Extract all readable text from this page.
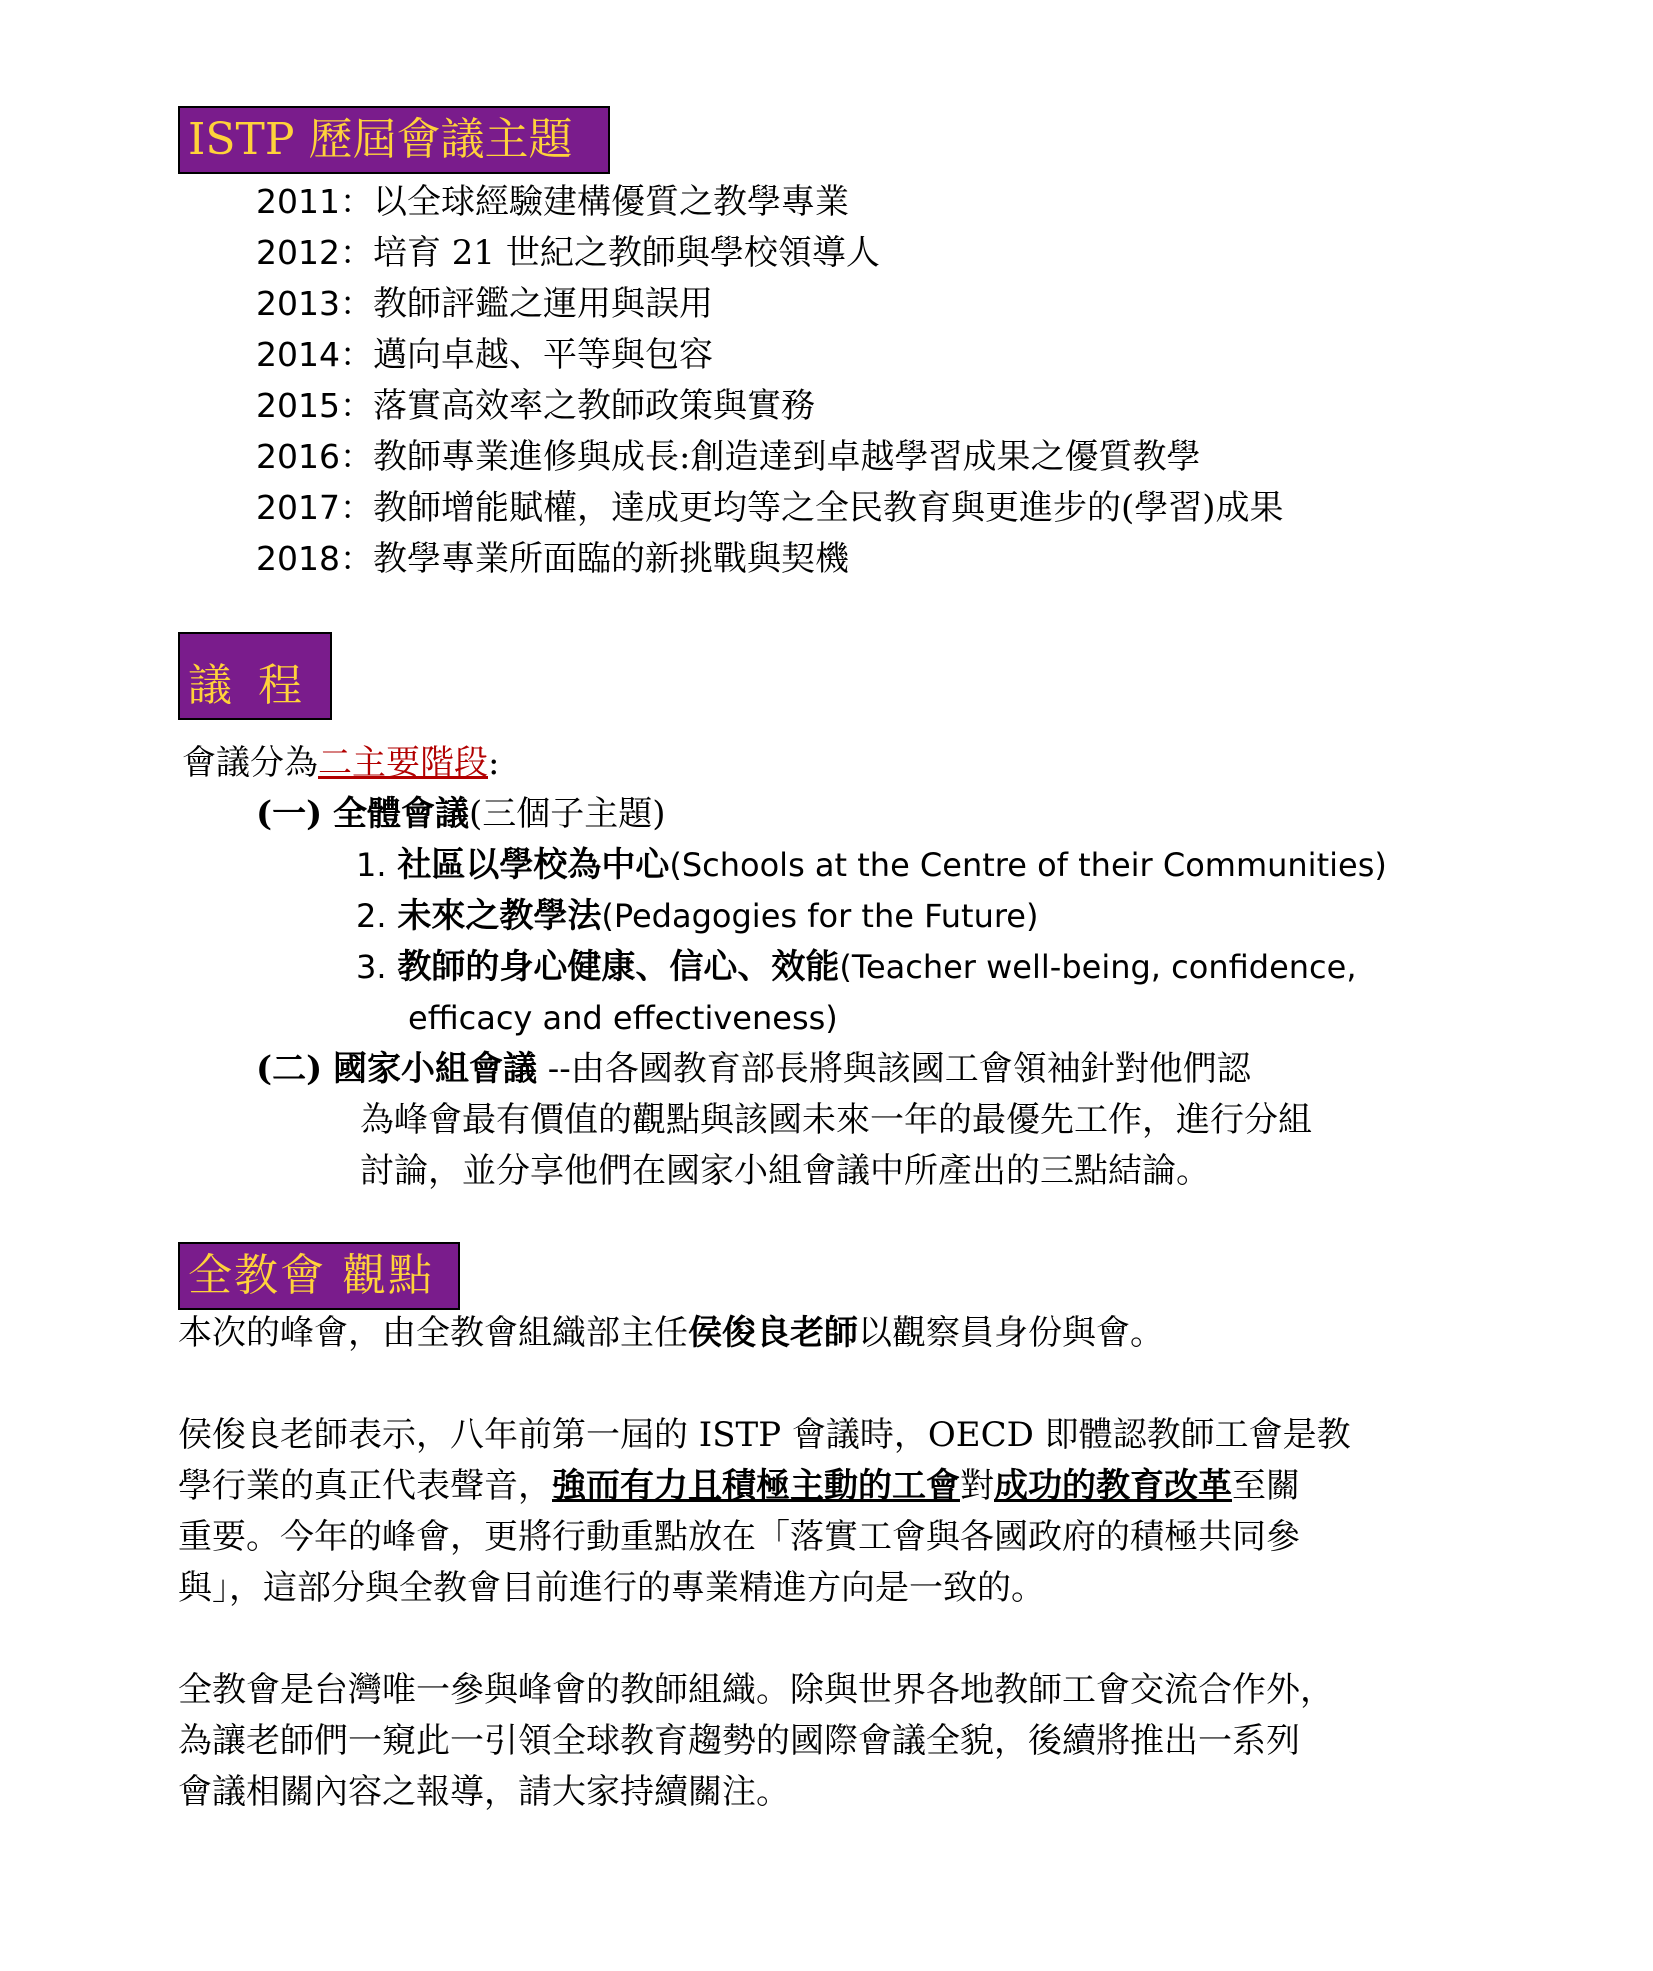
ISTP 歷屆會議主題
2011：以全球經驗建構優質之教學專業
2012：培育 21 世紀之教師與學校領導人
2013：教師評鑑之運用與誤用
2014：邁向卓越、平等與包容
2015：落實高效率之教師政策與實務
2016：教師專業進修與成長:創造達到卓越學習成果之優質教學
2017：教師增能賦權，達成更均等之全民教育與更進步的(學習)成果
2018：教學專業所面臨的新挑戰與契機
議程
會議分為二主要階段:
(一) 全體會議(三個子主題)
1. 社區以學校為中心(Schools at the Centre of their Communities)
2. 未來之教學法(Pedagogies for the Future)
3. 教師的身心健康、信心、效能(Teacher well-being, confidence,
efficacy and effectiveness)
(二) 國家小組會議 --由各國教育部長將與該國工會領袖針對他們認
為峰會最有價值的觀點與該國未來一年的最優先工作，進行分組
討論，並分享他們在國家小組會議中所產出的三點結論。
全教會 觀點
本次的峰會，由全教會組織部主任侯俊良老師以觀察員身份與會。
侯俊良老師表示，八年前第一屆的 ISTP 會議時，OECD 即體認教師工會是教
學行業的真正代表聲音，強而有力且積極主動的工會對成功的教育改革至關
重要。今年的峰會，更將行動重點放在「落實工會與各國政府的積極共同參
與」，這部分與全教會目前進行的專業精進方向是一致的。
全教會是台灣唯一參與峰會的教師組織。除與世界各地教師工會交流合作外，
為讓老師們一窺此一引領全球教育趨勢的國際會議全貌，後續將推出一系列
會議相關內容之報導，請大家持續關注。
